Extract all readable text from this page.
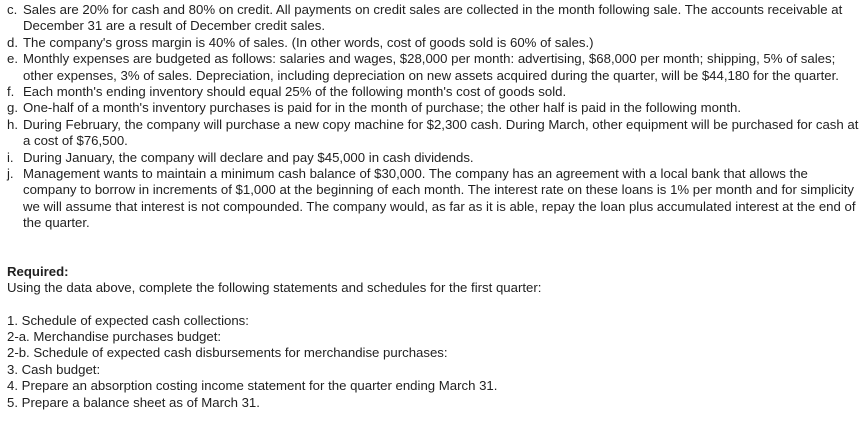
c. Sales are 20% for cash and 80% on credit. All payments on credit sales are collected in the month following sale. The accounts receivable at December 31 are a result of December credit sales.
d. The company's gross margin is 40% of sales. (In other words, cost of goods sold is 60% of sales.)
e. Monthly expenses are budgeted as follows: salaries and wages, $28,000 per month: advertising, $68,000 per month; shipping, 5% of sales; other expenses, 3% of sales. Depreciation, including depreciation on new assets acquired during the quarter, will be $44,180 for the quarter.
f. Each month's ending inventory should equal 25% of the following month's cost of goods sold.
g. One-half of a month's inventory purchases is paid for in the month of purchase; the other half is paid in the following month.
h. During February, the company will purchase a new copy machine for $2,300 cash. During March, other equipment will be purchased for cash at a cost of $76,500.
i. During January, the company will declare and pay $45,000 in cash dividends.
j. Management wants to maintain a minimum cash balance of $30,000. The company has an agreement with a local bank that allows the company to borrow in increments of $1,000 at the beginning of each month. The interest rate on these loans is 1% per month and for simplicity we will assume that interest is not compounded. The company would, as far as it is able, repay the loan plus accumulated interest at the end of the quarter.
Required:
Using the data above, complete the following statements and schedules for the first quarter:
1. Schedule of expected cash collections:
2-a. Merchandise purchases budget:
2-b. Schedule of expected cash disbursements for merchandise purchases:
3. Cash budget:
4. Prepare an absorption costing income statement for the quarter ending March 31.
5. Prepare a balance sheet as of March 31.
